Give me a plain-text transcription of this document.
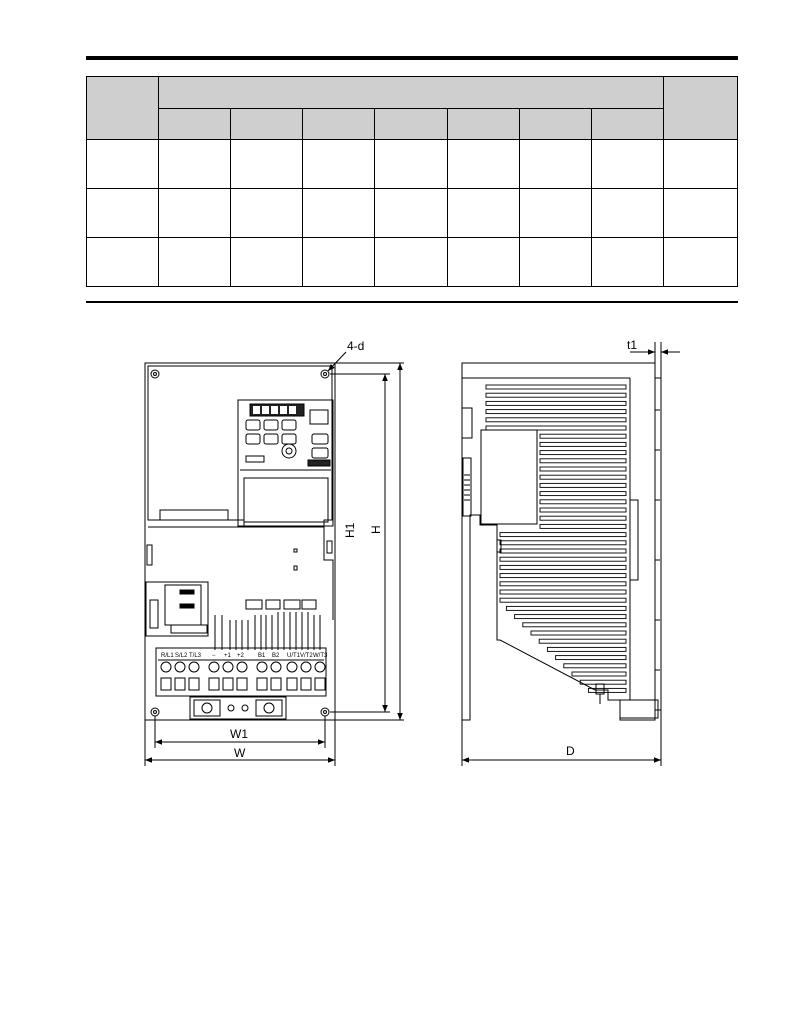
R/L1 S/L2 T/L3 − +1 +2 B1 B2 U/T1 V/T2 W/T3
4-d
W1
W
H1 H
t1
D
